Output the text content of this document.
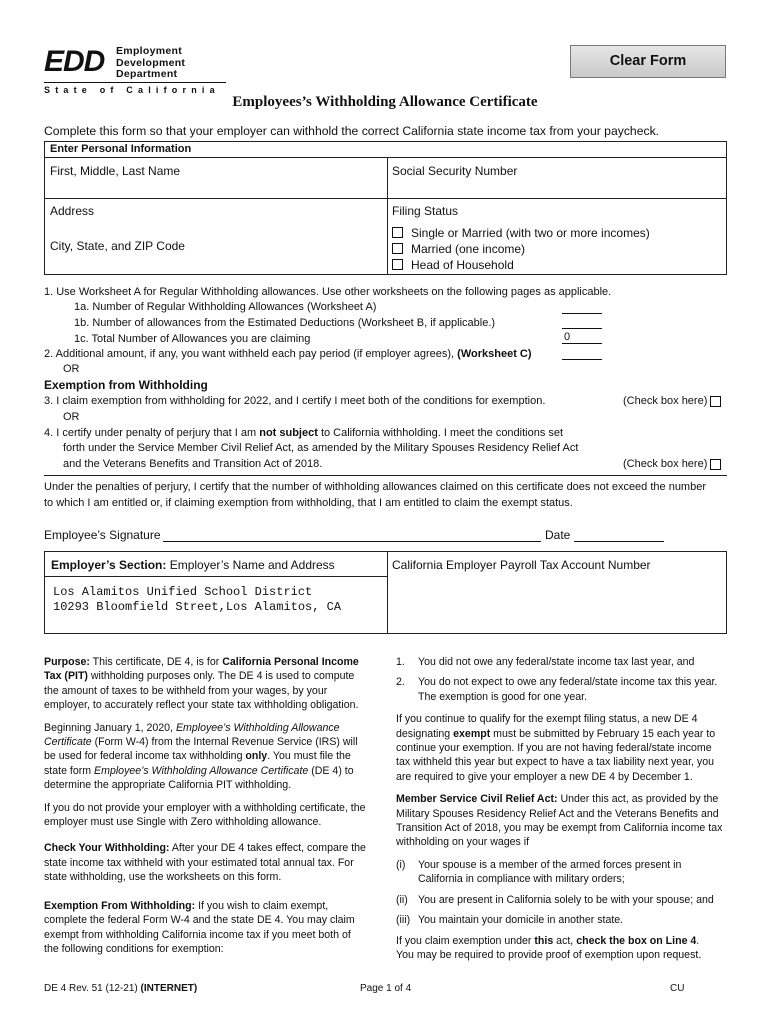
EDD Employment
Development
Department
State of California
Clear Form
Employees’s Withholding Allowance Certificate
Complete this form so that your employer can withhold the correct California state income tax from your paycheck.
Enter Personal Information
First, Middle, Last Name	Social Security Number
Address
City, State, and ZIP Code
Filing Status
Single or Married (with two or more incomes)
Married (one income)
Head of Household
1. Use Worksheet A for Regular Withholding allowances. Use other worksheets on the following pages as applicable.
1a. Number of Regular Withholding Allowances (Worksheet A)
1b. Number of allowances from the Estimated Deductions (Worksheet B, if applicable.)
1c. Total Number of Allowances you are claiming	0
2. Additional amount, if any, you want withheld each pay period (if employer agrees), (Worksheet C)
OR
Exemption from Withholding
3. I claim exemption from withholding for 2022, and I certify I meet both of the conditions for exemption.	(Check box here)
OR
4. I certify under penalty of perjury that I am not subject to California withholding. I meet the conditions set
forth under the Service Member Civil Relief Act, as amended by the Military Spouses Residency Relief Act
and the Veterans Benefits and Transition Act of 2018.	(Check box here)
Under the penalties of perjury, I certify that the number of withholding allowances claimed on this certificate does not exceed the number
to which I am entitled or, if claiming exemption from withholding, that I am entitled to claim the exempt status.
Employee’s Signature	Date
Employer’s Section: Employer’s Name and Address	California Employer Payroll Tax Account Number
Los Alamitos Unified School District
10293 Bloomfield Street,Los Alamitos, CA

Purpose: This certificate, DE 4, is for California Personal Income Tax (PIT) withholding purposes only. The DE 4 is used to compute the amount of taxes to be withheld from your wages, by your employer, to accurately reflect your state tax withholding obligation.

Beginning January 1, 2020, Employee’s Withholding Allowance Certificate (Form W-4) from the Internal Revenue Service (IRS) will be used for federal income tax withholding only. You must file the state form Employee’s Withholding Allowance Certificate (DE 4) to determine the appropriate California PIT withholding.

If you do not provide your employer with a withholding certificate, the employer must use Single with Zero withholding allowance.

Check Your Withholding: After your DE 4 takes effect, compare the state income tax withheld with your estimated total annual tax. For state withholding, use the worksheets on this form.

Exemption From Withholding: If you wish to claim exempt, complete the federal Form W-4 and the state DE 4. You may claim exempt from withholding California income tax if you meet both of the following conditions for exemption:

1.	You did not owe any federal/state income tax last year, and
2.	You do not expect to owe any federal/state income tax this year. The exemption is good for one year.

If you continue to qualify for the exempt filing status, a new DE 4 designating exempt must be submitted by February 15 each year to continue your exemption. If you are not having federal/state income tax withheld this year but expect to have a tax liability next year, you are required to give your employer a new DE 4 by December 1.

Member Service Civil Relief Act: Under this act, as provided by the Military Spouses Residency Relief Act and the Veterans Benefits and Transition Act of 2018, you may be exempt from California income tax withholding on your wages if

(i)	Your spouse is a member of the armed forces present in California in compliance with military orders;
(ii) You are present in California solely to be with your spouse; and
(iii) You maintain your domicile in another state.
If you claim exemption under this act, check the box on Line 4.
You may be required to provide proof of exemption upon request.
DE 4 Rev. 51 (12-21) (INTERNET)	Page 1 of 4	CU
